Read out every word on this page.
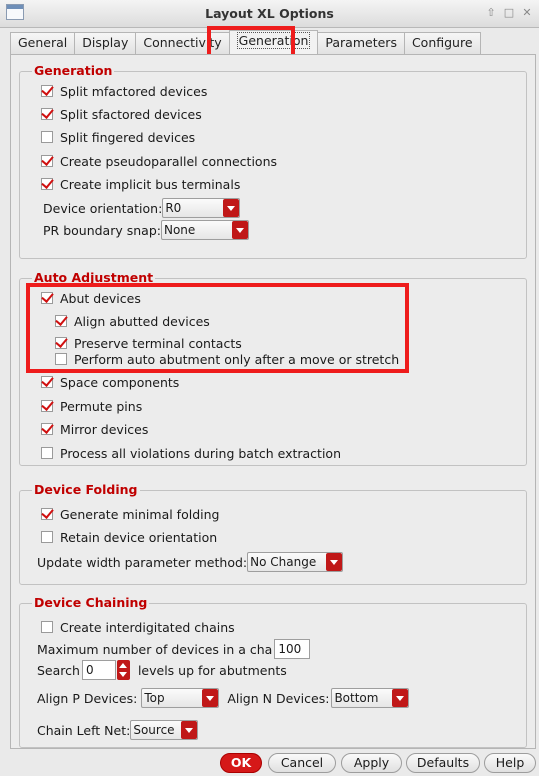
Layout XL Options	⇧ □ ✕
General	Display	Connectivity	Generation	Parameters	Configure
Generation
Split mfactored devices
Split sfactored devices
Split fingered devices
Create pseudoparallel connections
Create implicit bus terminals
Device orientation: R0
PR boundary snap: None
Auto Adjustment
Abut devices
Align abutted devices
Preserve terminal contacts
Perform auto abutment only after a move or stretch
Space components
Permute pins
Mirror devices
Process all violations during batch extraction
Device Folding
Generate minimal folding
Retain device orientation
Update width parameter method: No Change
Device Chaining
Create interdigitated chains
Maximum number of devices in a cha 100
Search 0	levels up for abutments
Align P Devices: Top	Align N Devices: Bottom
Chain Left Net: Source
OK	Cancel	Apply	Defaults	Help
